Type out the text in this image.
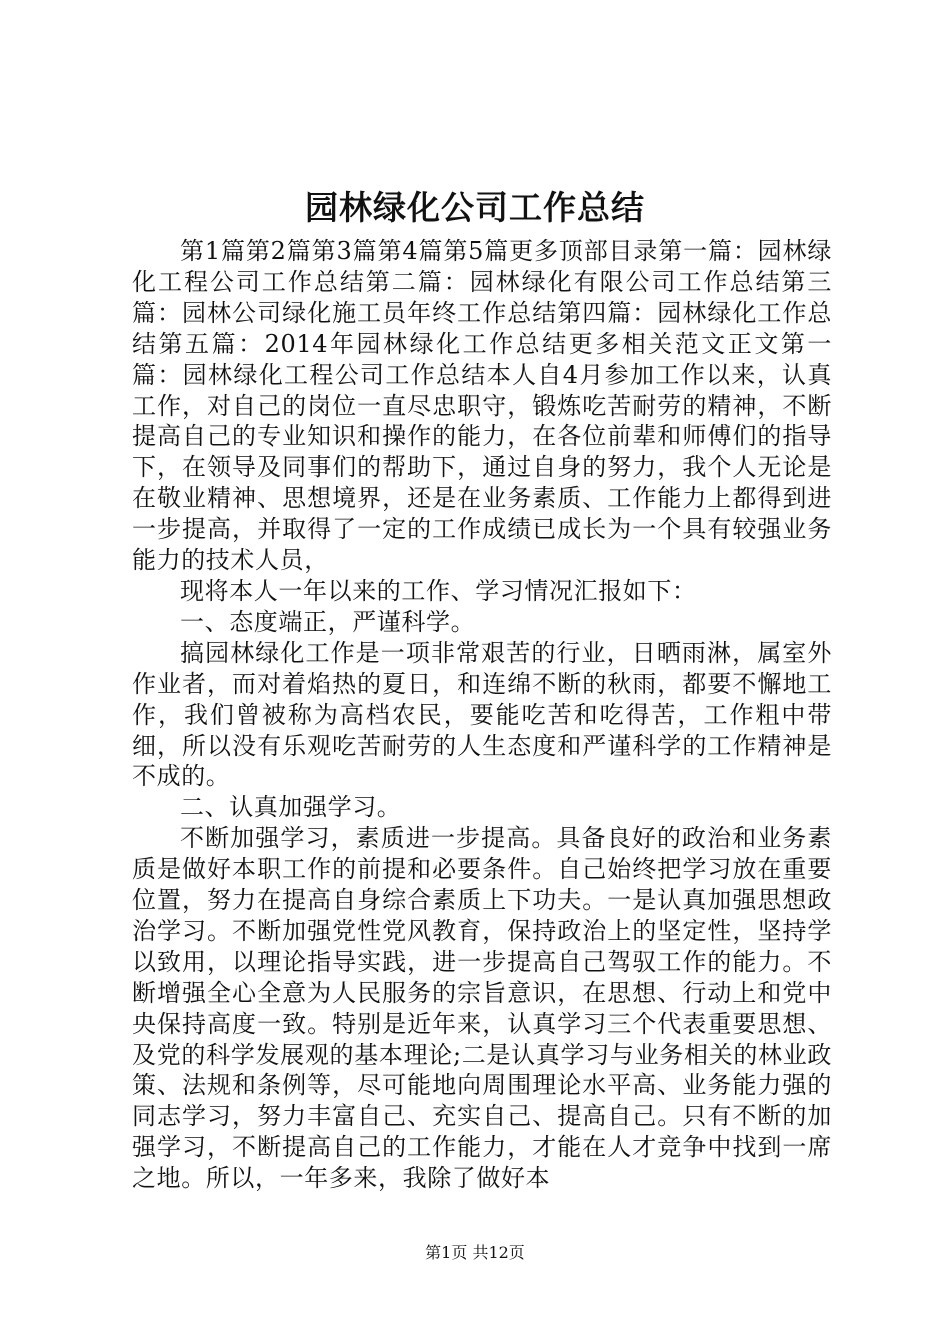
园林绿化公司工作总结

第1篇第2篇第3篇第4篇第5篇更多顶部目录第一篇：园林绿化工程公司工作总结第二篇：园林绿化有限公司工作总结第三篇：园林公司绿化施工员年终工作总结第四篇：园林绿化工作总结第五篇：2014年园林绿化工作总结更多相关范文正文第一篇：园林绿化工程公司工作总结本人自4月参加工作以来，认真工作，对自己的岗位一直尽忠职守，锻炼吃苦耐劳的精神，不断提高自己的专业知识和操作的能力，在各位前辈和师傅们的指导下，在领导及同事们的帮助下，通过自身的努力，我个人无论是在敬业精神、思想境界，还是在业务素质、工作能力上都得到进一步提高，并取得了一定的工作成绩已成长为一个具有较强业务能力的技术人员，

现将本人一年以来的工作、学习情况汇报如下：

一、态度端正，严谨科学。

搞园林绿化工作是一项非常艰苦的行业，日晒雨淋，属室外作业者，而对着焰热的夏日，和连绵不断的秋雨，都要不懈地工作，我们曾被称为高档农民，要能吃苦和吃得苦，工作粗中带细，所以没有乐观吃苦耐劳的人生态度和严谨科学的工作精神是不成的。

二、认真加强学习。

不断加强学习，素质进一步提高。具备良好的政治和业务素质是做好本职工作的前提和必要条件。自己始终把学习放在重要位置，努力在提高自身综合素质上下功夫。一是认真加强思想政治学习。不断加强党性党风教育，保持政治上的坚定性，坚持学以致用，以理论指导实践，进一步提高自己驾驭工作的能力。不断增强全心全意为人民服务的宗旨意识，在思想、行动上和党中央保持高度一致。特别是近年来，认真学习三个代表重要思想、及党的科学发展观的基本理论;二是认真学习与业务相关的林业政策、法规和条例等，尽可能地向周围理论水平高、业务能力强的同志学习，努力丰富自己、充实自己、提高自己。只有不断的加强学习，不断提高自己的工作能力，才能在人才竞争中找到一席之地。所以，一年多来，我除了做好本

第1页 共12页
